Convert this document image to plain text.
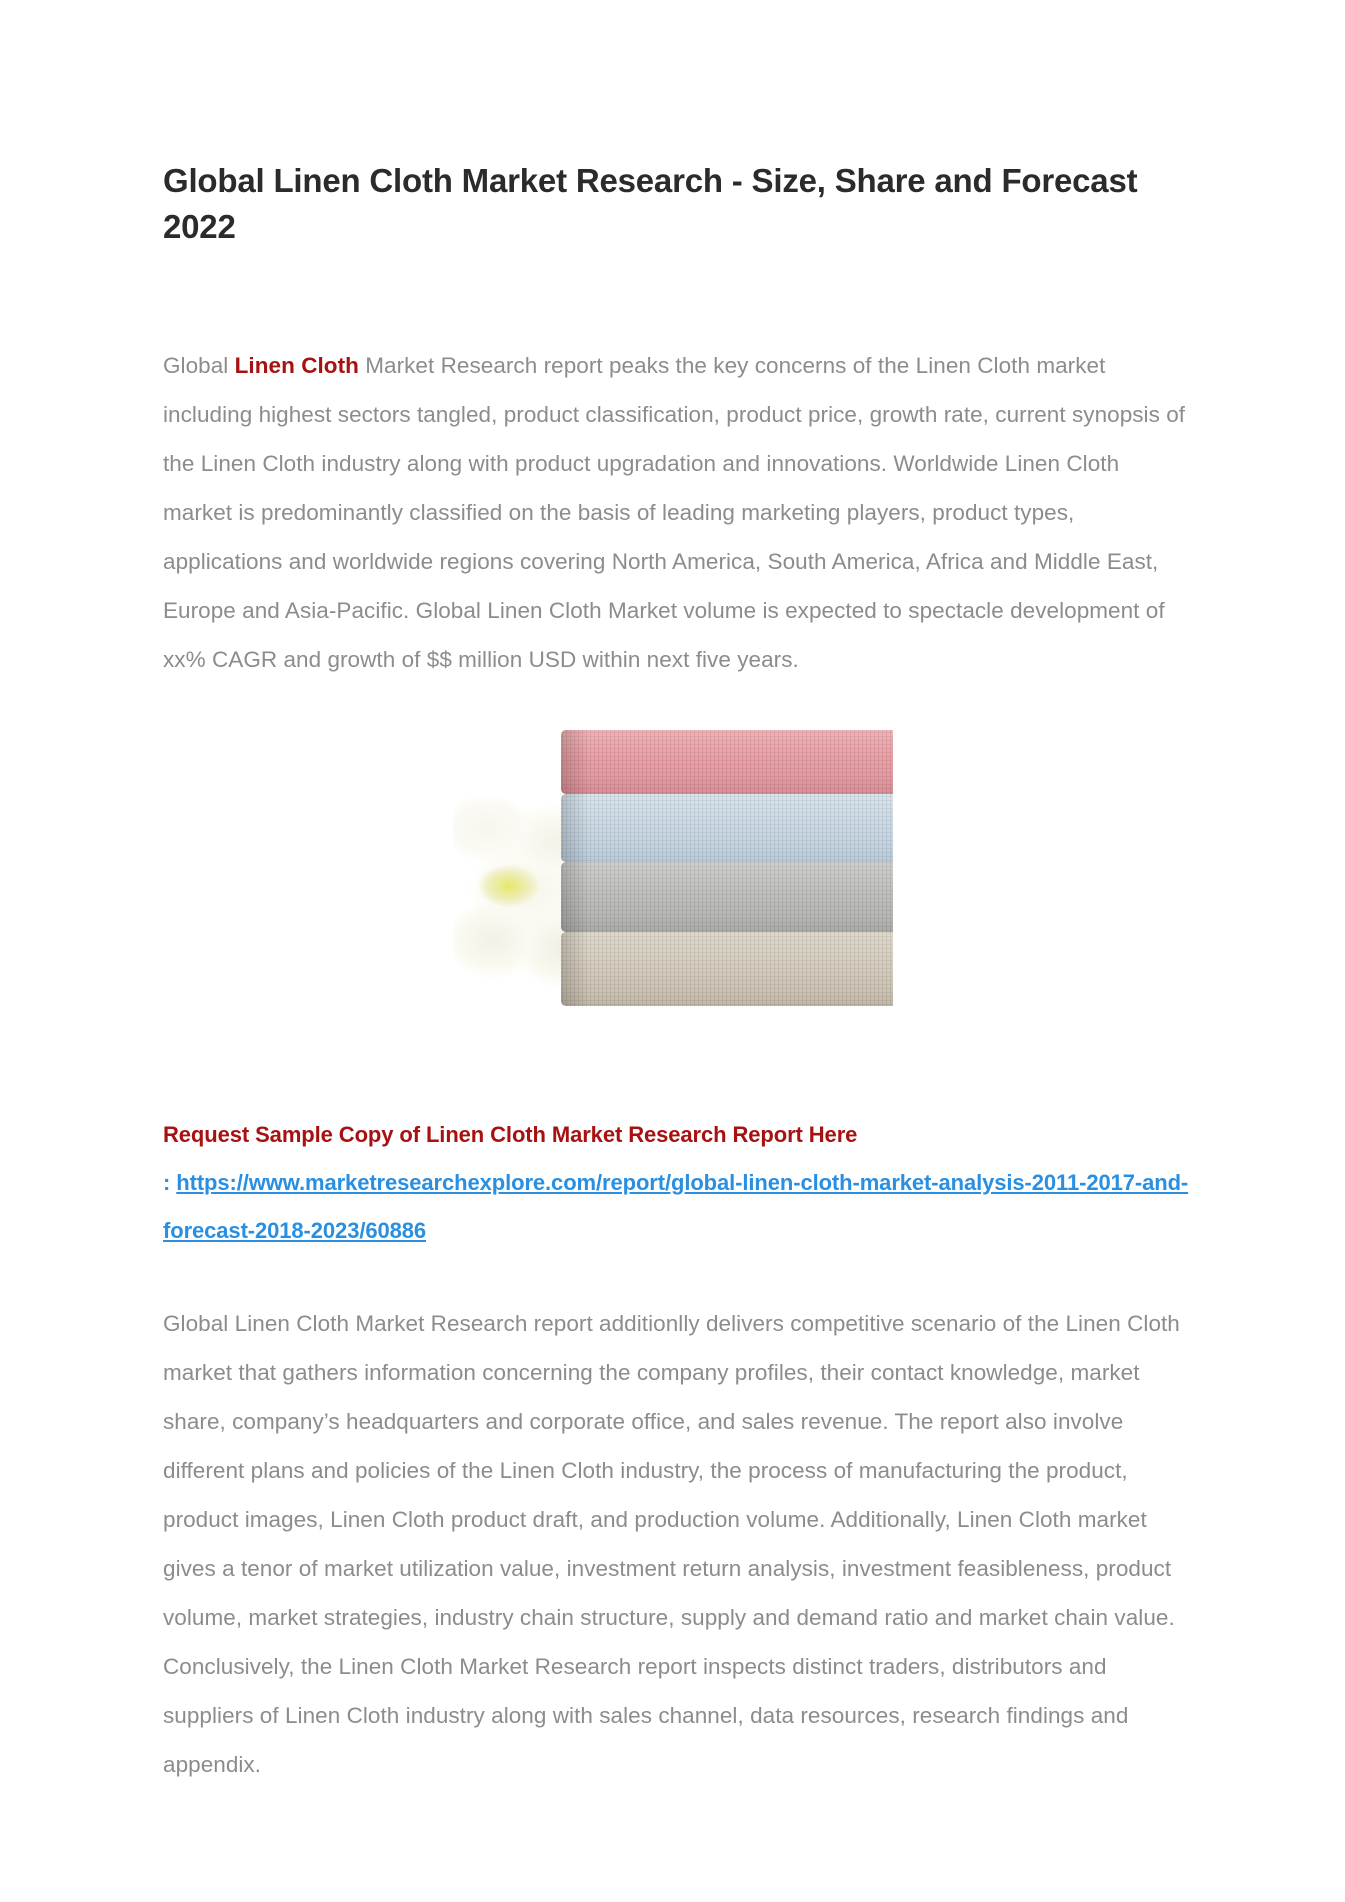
Global Linen Cloth Market Research - Size, Share and Forecast 2022

Global Linen Cloth Market Research report peaks the key concerns of the Linen Cloth market including highest sectors tangled, product classification, product price, growth rate, current synopsis of the Linen Cloth industry along with product upgradation and innovations. Worldwide Linen Cloth market is predominantly classified on the basis of leading marketing players, product types, applications and worldwide regions covering North America, South America, Africa and Middle East, Europe and Asia-Pacific. Global Linen Cloth Market volume is expected to spectacle development of xx% CAGR and growth of $$ million USD within next five years.

Request Sample Copy of Linen Cloth Market Research Report Here
: https://www.marketresearchexplore.com/report/global-linen-cloth-market-analysis-2011-2017-and-forecast-2018-2023/60886

Global Linen Cloth Market Research report additionlly delivers competitive scenario of the Linen Cloth market that gathers information concerning the company profiles, their contact knowledge, market share, company’s headquarters and corporate office, and sales revenue. The report also involve different plans and policies of the Linen Cloth industry, the process of manufacturing the product, product images, Linen Cloth product draft, and production volume. Additionally, Linen Cloth market gives a tenor of market utilization value, investment return analysis, investment feasibleness, product volume, market strategies, industry chain structure, supply and demand ratio and market chain value. Conclusively, the Linen Cloth Market Research report inspects distinct traders, distributors and suppliers of Linen Cloth industry along with sales channel, data resources, research findings and appendix.
